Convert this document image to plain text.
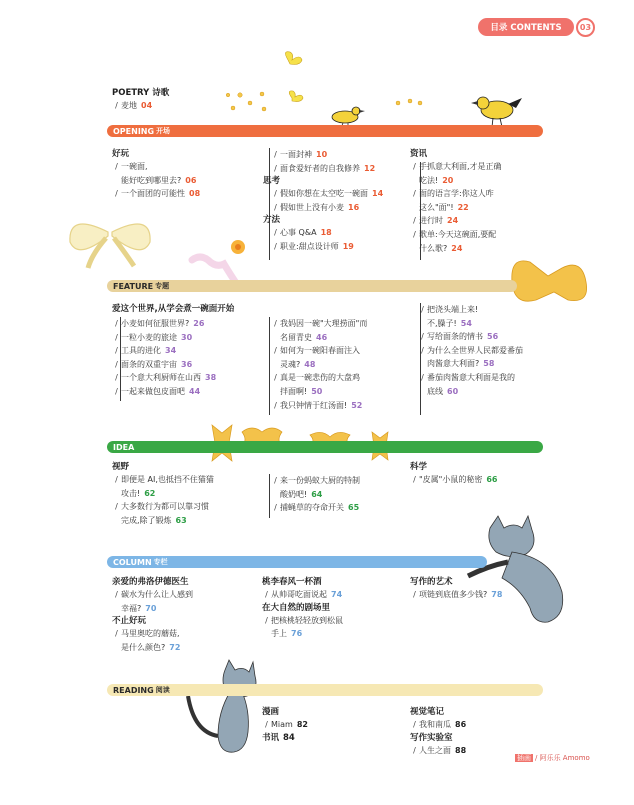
目录 CONTENTS	03
POETRY 诗歌
/ 麦地 04
OPENING 开场
好玩
/ 一碗面,
能好吃到哪里去? 06
/ 一个面团的可能性 08
/ 一面封神 10
/ 面食爱好者的自我修养 12
思考
/ 假如你想在太空吃一碗面 14
/ 假如世上没有小麦 16
方法
/ 心事 Q&A 18
/ 职业:甜点设计师 19
资讯
/ 手抓意大利面,才是正确
吃法! 20
/ 面的语言学:你这人咋
这么"面"! 22
/ 进行时 24
/ 歌单:今天这碗面,要配
什么歌? 24
FEATURE 专题
爱这个世界,从学会煮一碗面开始
/ 小麦如何征服世界? 26
/ 一粒小麦的旅途 30
/ 工具的进化 34
/ 面条的双重宇宙 36
/ 一个意大利厨师在山西 38
/ 一起来做包皮面吧 44
/ 我妈因一碗"大理捞面"而
名留青史 46
/ 如何为一碗阳春面注入
灵魂? 48
/ 真是一碗悲伤的大盘鸡
拌面啊! 50
/ 我只钟情于红汤面! 52
/ 把浇头端上来!
不,臊子! 54
/ 写给面条的情书 56
/ 为什么全世界人民都爱番茄
肉酱意大利面? 58
/ 番茄肉酱意大利面是我的
底线 60
IDEA
视野
/ 即便是 AI,也抵挡不住猫猫
攻击! 62
/ 大多数行为都可以靠习惯
完成,除了锻炼 63
/ 来一份蚂蚁大厨的特制
酸奶吧! 64
/ 捕蝇草的夺命开关 65
科学
/ "皮属"小鼠的秘密 66
COLUMN 专栏
亲爱的弗洛伊德医生
/ 碳水为什么让人感到
幸福? 70
不止好玩
/ 马里奥吃的蘑菇,
是什么颜色? 72
桃李春风一杯酒
/ 从帅哥吃面说起 74
在大自然的剧场里
/ 把核桃轻轻放到松鼠
手上 76
写作的艺术
/ 项链到底值多少钱? 78
READING 阅读
漫画
/ Miam 82
书讯 84
视觉笔记
/ 我和南瓜 86
写作实验室
/ 人生之面 88
插画 / 阿乐乐 Amomo
